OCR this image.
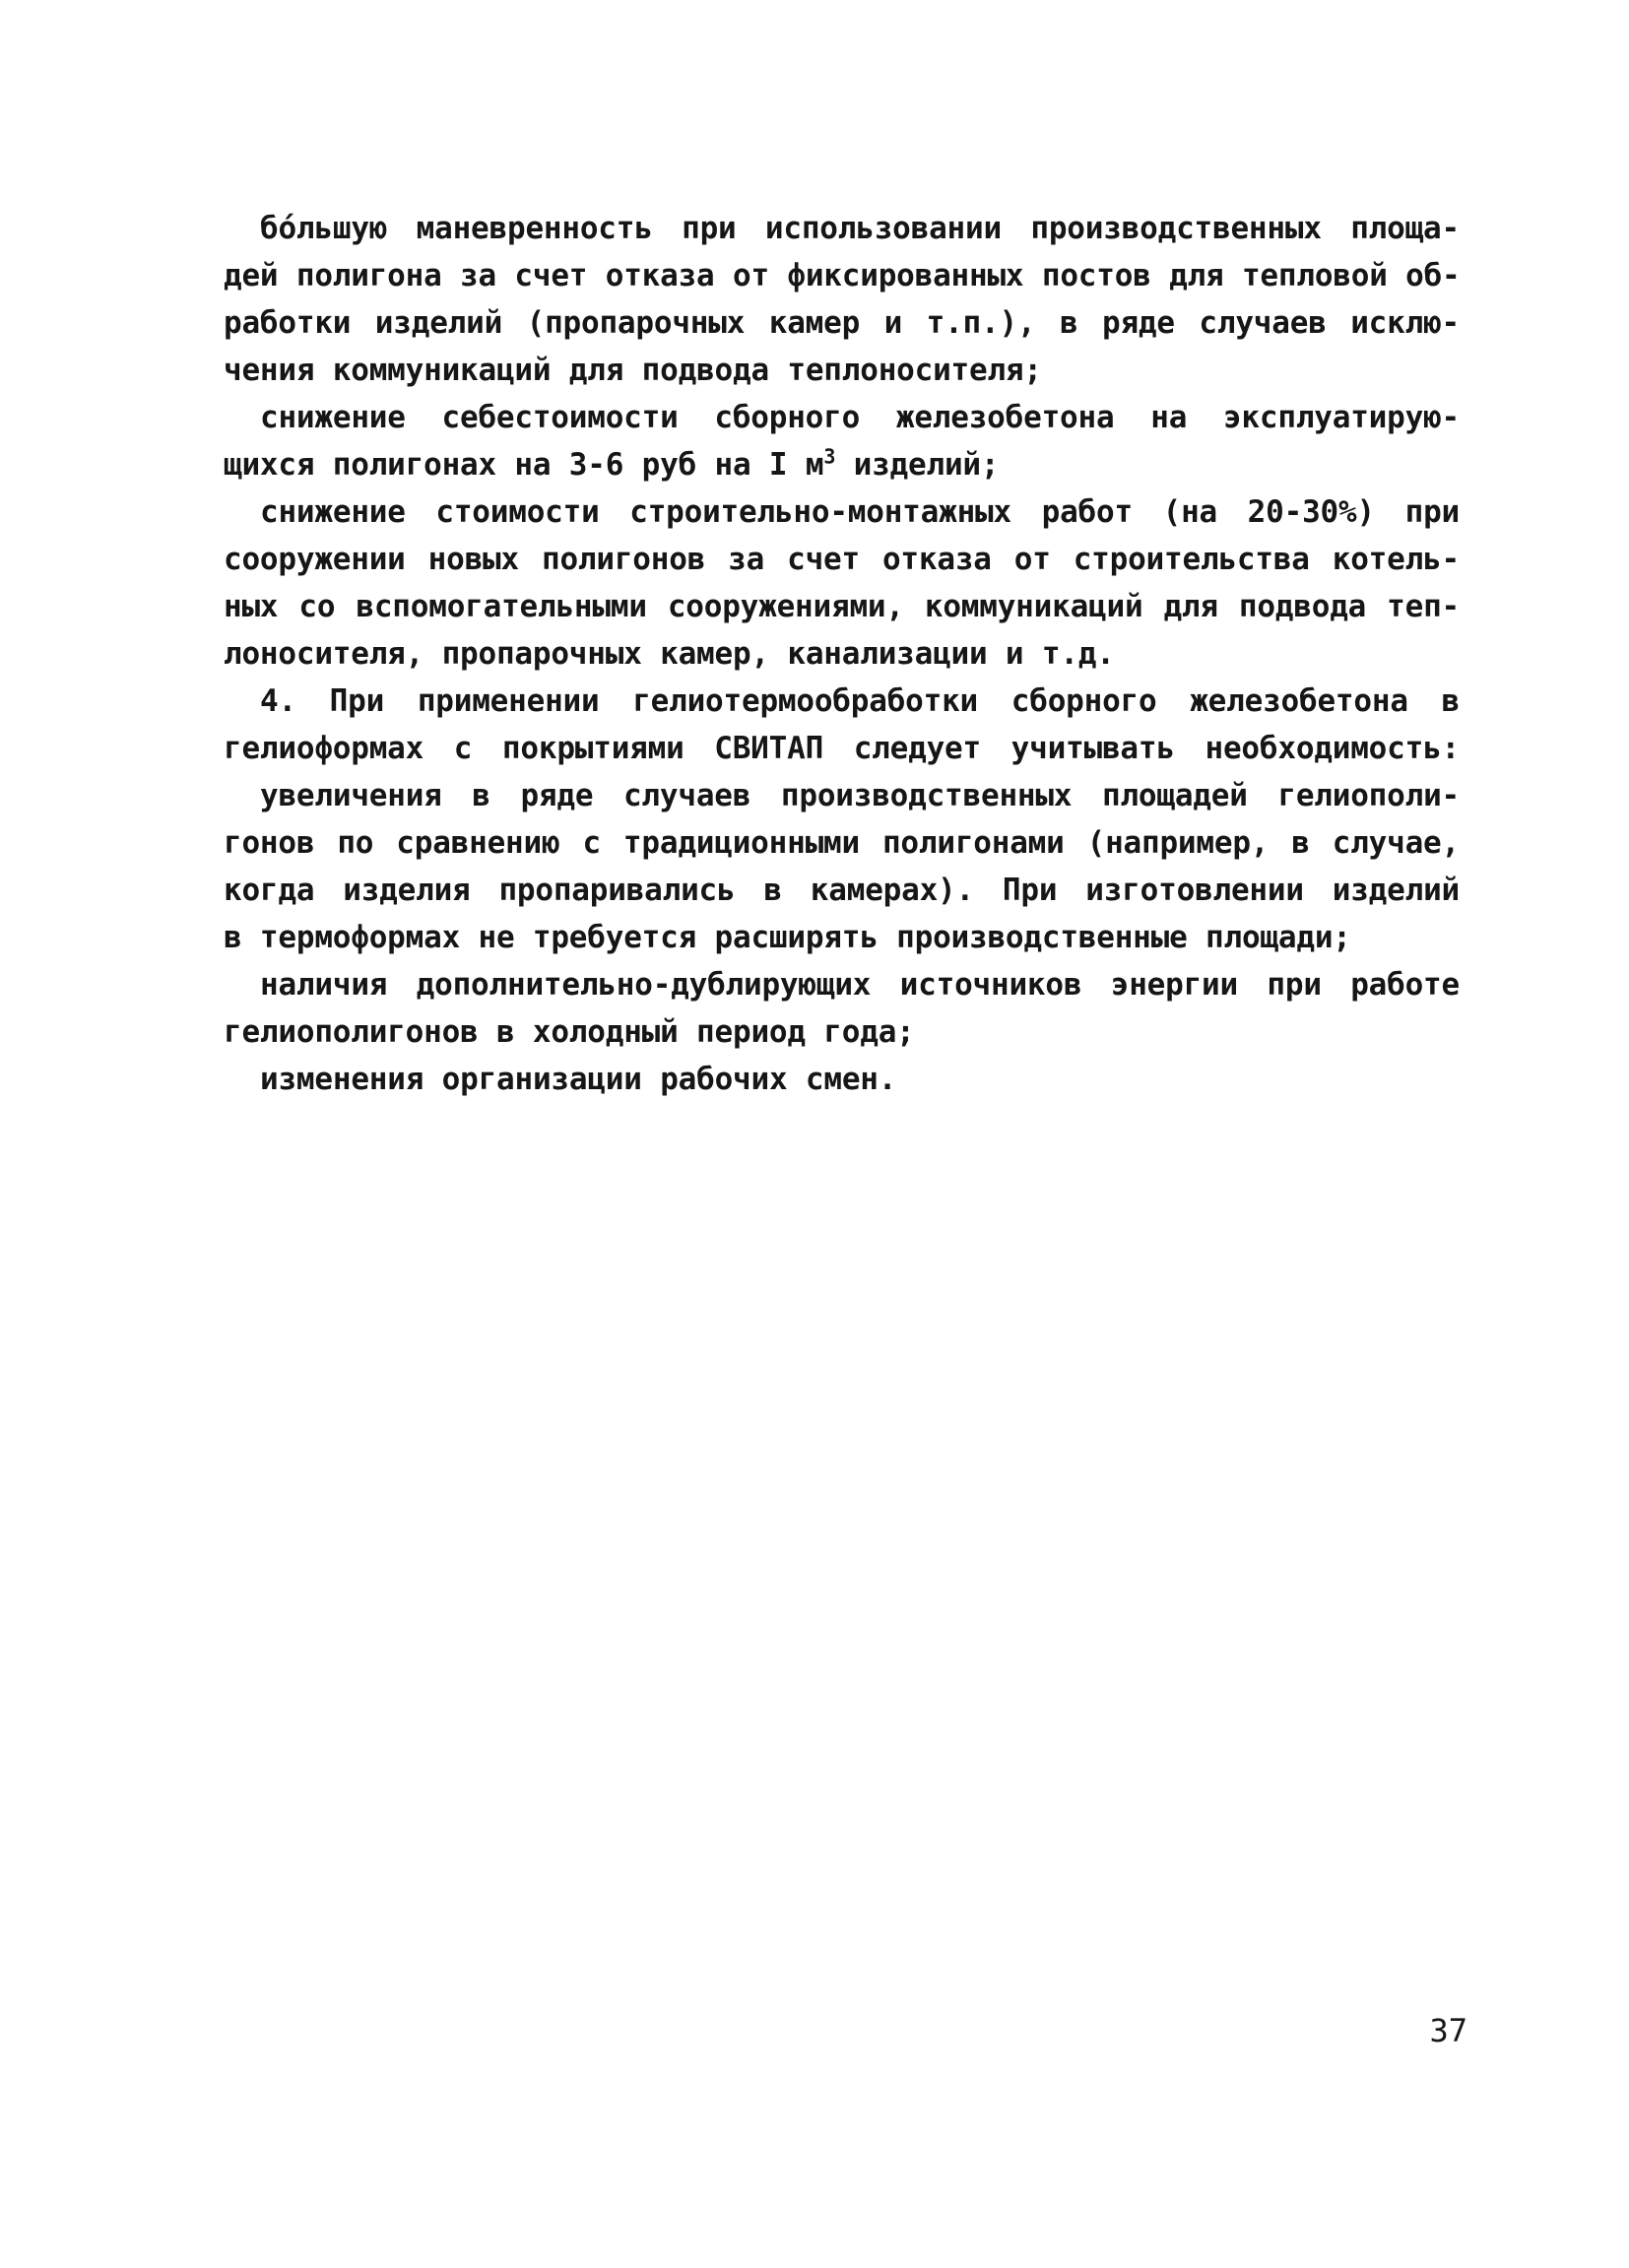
бо́льшую маневренность при использовании производственных площа-
дей полигона за счет отказа от фиксированных постов для тепловой об-
работки изделий (пропарочных камер и т.п.), в ряде случаев исклю-
чения коммуникаций для подвода теплоносителя;
снижение себестоимости сборного железобетона на эксплуатирую-
щихся полигонах на 3-6 руб на I $м^3$ изделий;
снижение стоимости строительно-монтажных работ (на 20-30%) при
сооружении новых полигонов за счет отказа от строительства котель-
ных со вспомогательными сооружениями, коммуникаций для подвода теп-
лоносителя, пропарочных камер, канализации и т.д.
4. При применении гелиотермообработки сборного железобетона в
гелиоформах с покрытиями СВИТАП следует учитывать необходимость:
увеличения в ряде случаев производственных площадей гелиополи-
гонов по сравнению с традиционными полигонами (например, в случае,
когда изделия пропаривались в камерах). При изготовлении изделий
в термоформах не требуется расширять производственные площади;
наличия дополнительно-дублирующих источников энергии при работе
гелиополигонов в холодный период года;
изменения организации рабочих смен.
37
